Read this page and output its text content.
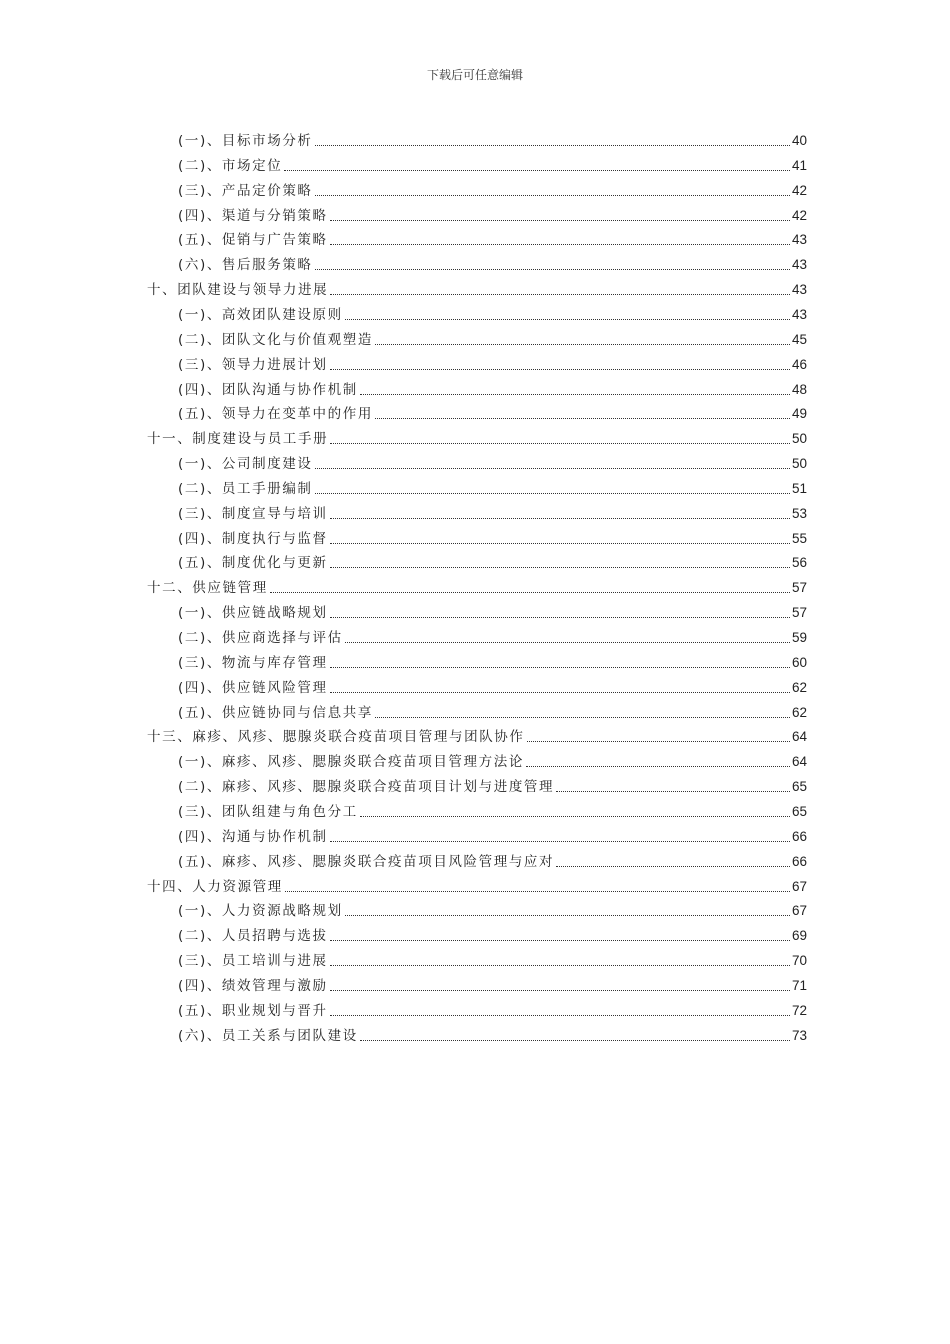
下载后可任意编辑
(一)、目标市场分析	40
(二)、市场定位	41
(三)、产品定价策略	42
(四)、渠道与分销策略	42
(五)、促销与广告策略	43
(六)、售后服务策略	43
十、团队建设与领导力进展	43
(一)、高效团队建设原则	43
(二)、团队文化与价值观塑造	45
(三)、领导力进展计划	46
(四)、团队沟通与协作机制	48
(五)、领导力在变革中的作用	49
十一、制度建设与员工手册	50
(一)、公司制度建设	50
(二)、员工手册编制	51
(三)、制度宣导与培训	53
(四)、制度执行与监督	55
(五)、制度优化与更新	56
十二、供应链管理	57
(一)、供应链战略规划	57
(二)、供应商选择与评估	59
(三)、物流与库存管理	60
(四)、供应链风险管理	62
(五)、供应链协同与信息共享	62
十三、麻疹、风疹、腮腺炎联合疫苗项目管理与团队协作	64
(一)、麻疹、风疹、腮腺炎联合疫苗项目管理方法论	64
(二)、麻疹、风疹、腮腺炎联合疫苗项目计划与进度管理	65
(三)、团队组建与角色分工	65
(四)、沟通与协作机制	66
(五)、麻疹、风疹、腮腺炎联合疫苗项目风险管理与应对	66
十四、人力资源管理	67
(一)、人力资源战略规划	67
(二)、人员招聘与选拔	69
(三)、员工培训与进展	70
(四)、绩效管理与激励	71
(五)、职业规划与晋升	72
(六)、员工关系与团队建设	73
